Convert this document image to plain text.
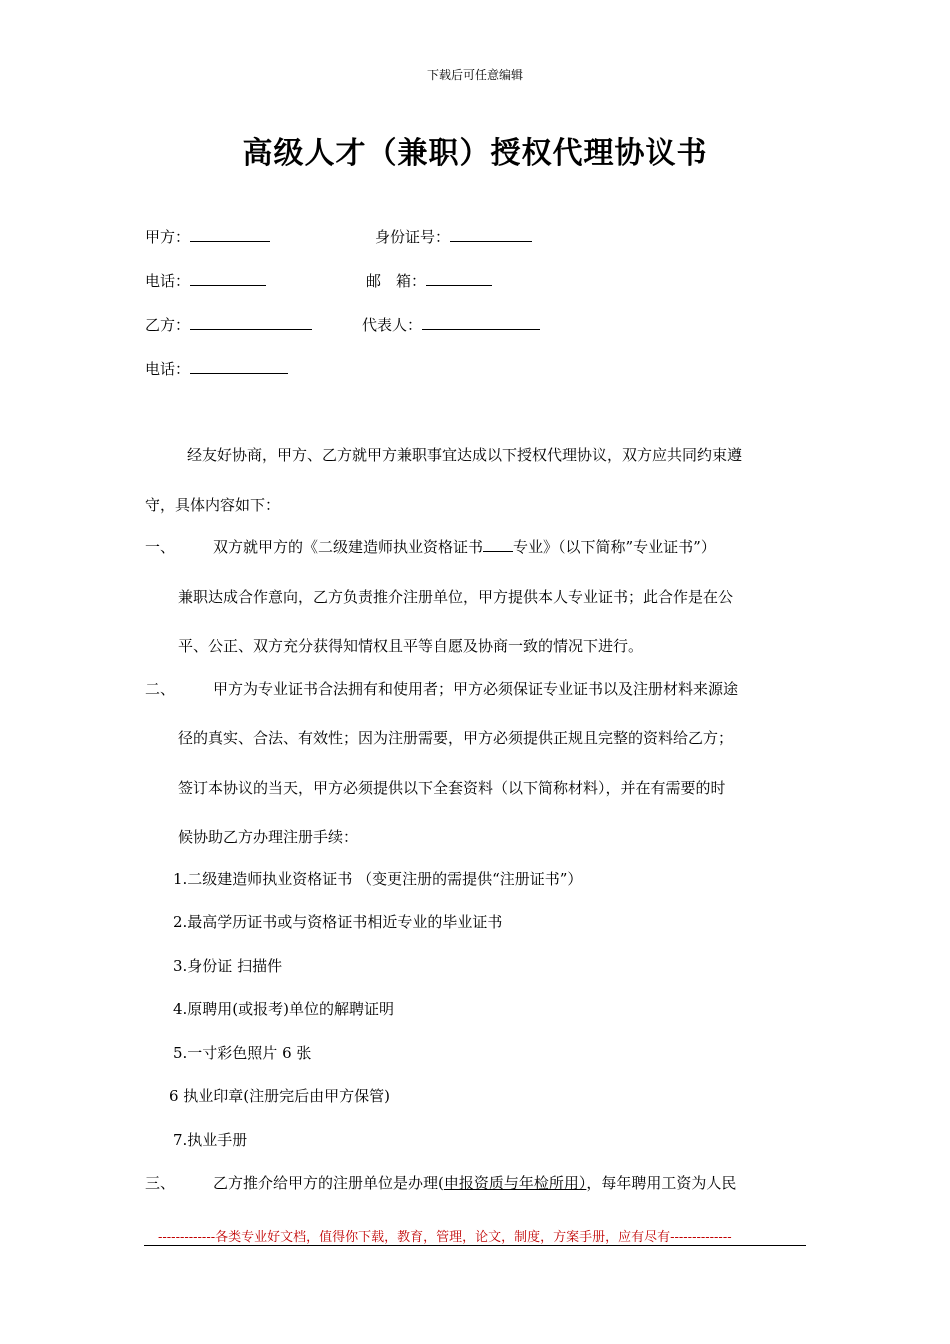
下载后可任意编辑
高级人才（兼职）授权代理协议书
甲方：	身份证号：
电话：	邮　箱：
乙方：	代表人：
电话：
经友好协商，甲方、乙方就甲方兼职事宜达成以下授权代理协议，双方应共同约束遵
守，具体内容如下：
一、	双方就甲方的《二级建造师执业资格证书 专业》（以下简称”专业证书”）
兼职达成合作意向，乙方负责推介注册单位，甲方提供本人专业证书；此合作是在公
平、公正、双方充分获得知情权且平等自愿及协商一致的情况下进行。
二、	甲方为专业证书合法拥有和使用者；甲方必须保证专业证书以及注册材料来源途
径的真实、合法、有效性；因为注册需要，甲方必须提供正规且完整的资料给乙方；
签订本协议的当天，甲方必须提供以下全套资料（以下简称材料），并在有需要的时
候协助乙方办理注册手续：
1.二级建造师执业资格证书 （变更注册的需提供“注册证书”）
2.最高学历证书或与资格证书相近专业的毕业证书
3.身份证 扫描件
4.原聘用(或报考)单位的解聘证明
5.一寸彩色照片 6 张
6 执业印章(注册完后由甲方保管)
7.执业手册
三、	乙方推介给甲方的注册单位是办理(申报资质与年检所用），每年聘用工资为人民
-------------各类专业好文档，值得你下载，教育，管理，论文，制度，方案手册，应有尽有--------------
